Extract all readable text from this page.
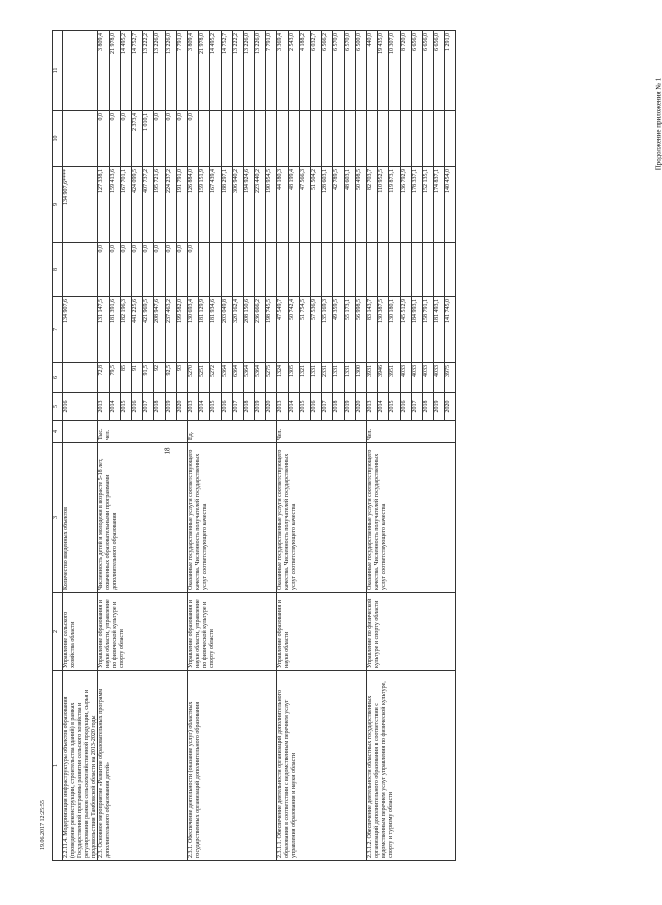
18
Продолжение приложения № 1
19.06.2017 12:25:55
1	2	3	4	5	6	7	8	9	10	11
2.2.11.4. Модернизация инфраструктуры объектов образования (проведение реконструкции, строительства зданий) в рамках Государственной программы развития сельского хозяйства и регулирования рынков сельскохозяйственной продукции, сырья и продовольствия Тамбовской области на 2013-2020 годы	Управление сельского хозяйства области	Количество введенных объектов		2016		134 907,6		134 907,6****		
2.3. Основное мероприятие «Развитие образовательных программ дополнительного образования детей»	Управление образования и науки области, управление по физической культуре и спорту области	Численность детей и молодежи в возрасте 5-18 лет, охваченных образовательными программами дополнительного образования	Тыс. чел.	2013	72,8	131 147,5	0,0	127 338,1	0,0	3 809,4
				2014	79,5	181 391,6	0,0	159 413,6	0,0	21 978,0
				2015	85	182 196,3	0,0	167 701,1	0,0	14 495,2
				2016	91	441 225,6	0,0	424 099,5	2 373,4	14 752,7
				2017	91,5	421 969,5	0,0	407 737,2	1 010,1	13 222,2
				2018	92	208 947,6	0,0	195 721,6	0,0	13 226,0
				2019	92,5	237 463,2	0,0	224 237,2	0,0	13 226,0
				2020	93	199 582,0	0,0	191 791,0	0,0	7 791,0
2.3.1. Обеспечение деятельности (оказание услуг) областных государственных организаций дополнительного образования	Управление образования и науки области, управление по физической культуре и спорту области	Оказанные государственные услуги соответствующего качества. Численность получателей государственных услуг соответствующего качества	Ед.	2013	5270	130 693,4	0,0	126 884,0	0,0	3 809,4
				2014	5251	181 129,9		159 151,9		21 978,0
				2015	5272	181 934,6		167 439,4		14 495,2
				2016	5364	203 049,8		188 297,1		14 752,7
				2017	6364	320 162,4		306 940,2		13 222,2
				2018	5364	208 150,6		194 924,6		13 226,0
				2019	5364	236 666,2		223 440,2		13 226,0
				2020	5275	198 745,5		190 954,5		7 791,0
2.3.1.1. Обеспечение деятельности организаций дополнительного образования в соответствии с ведомственным перечнем услуг управления образования и науки области	Управление образования и науки области	Оказанные государственные услуги соответствующего качества. Численность получателей государственных услуг соответствующего качества	Чел.	2013	1324	47 549,7		44 180,3		3 369,4
				2014	1305	50 742,4		48 199,4		2 543,0
				2015	1321	51 754,5		47 566,3		4 188,2
				2016	1331	57 536,9		51 504,2		6 032,7
				2017	2331	135 169,3		128 603,1		6 566,2
				2018	1331	49 359,5		42 789,5		6 570,0
				2019	1331	55 173,1		48 603,1		6 570,0
				2020	1300	56 998,5		50 498,5		6 500,0
2.3.1.2. Обеспечение деятельности областных государственных организаций дополнительного образования в соответствии с ведомственным перечнем услуг управления по физической культуре, спорту и туризму области	Управление по физической культуре и спорту области	Оказанные государственные услуги соответствующего качества. Численность получателей государственных услуг соответствующего качества	Чел.	2013	3931	83 143,7		82 703,7		440,0
				2014	3946	130 387,5		110 952,5		19 435,0
				2015	3951	130 180,1		119 873,1		10 307,0
				2016	4033	145 512,9		136 792,9		8 720,0
				2017	4033	184 993,1		178 337,1		6 656,0
				2018	4033	158 791,1		152 135,1		6 656,0
				2019	4033	181 493,1		174 837,1		6 656,0
				2020	3975	141 745,0		140 454,0		1 291,0
